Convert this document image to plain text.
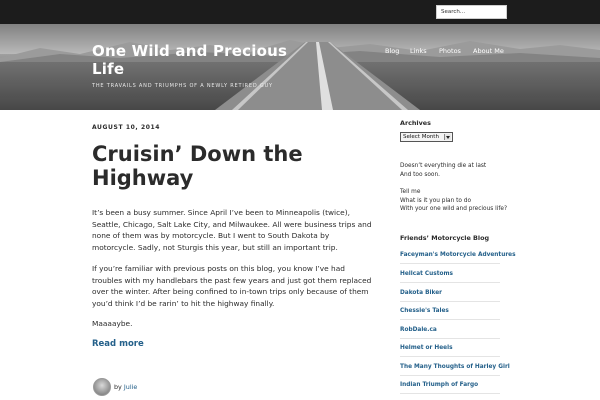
Search...
One Wild and Precious Life
THE TRAVAILS AND TRIUMPHS OF A NEWLY RETIRED GUY
Blog Links Photos About Me
AUGUST 10, 2014
Cruisin’ Down the Highway
It’s been a busy summer. Since April I’ve been to Minneapolis (twice), Seattle, Chicago, Salt Lake City, and Milwaukee. All were business trips and none of them was by motorcycle. But I went to South Dakota by motorcycle. Sadly, not Sturgis this year, but still an important trip.
If you’re familiar with previous posts on this blog, you know I’ve had troubles with my handlebars the past few years and just got them replaced over the winter. After being confined to in-town trips only because of them you’d think I’d be rarin’ to hit the highway finally.
Maaaaybe.
Read more
by Julie
Archives
Select Month
Doesn’t everything die at last
And too soon.
Tell me
What is it you plan to do
With your one wild and precious life?
Friends’ Motorcycle Blog
Faceyman's Motorcycle Adventures
Hellcat Customs
Dakota Biker
Chessie's Tales
RobDale.ca
Helmet or Heels
The Many Thoughts of Harley Girl
Indian Triumph of Fargo
